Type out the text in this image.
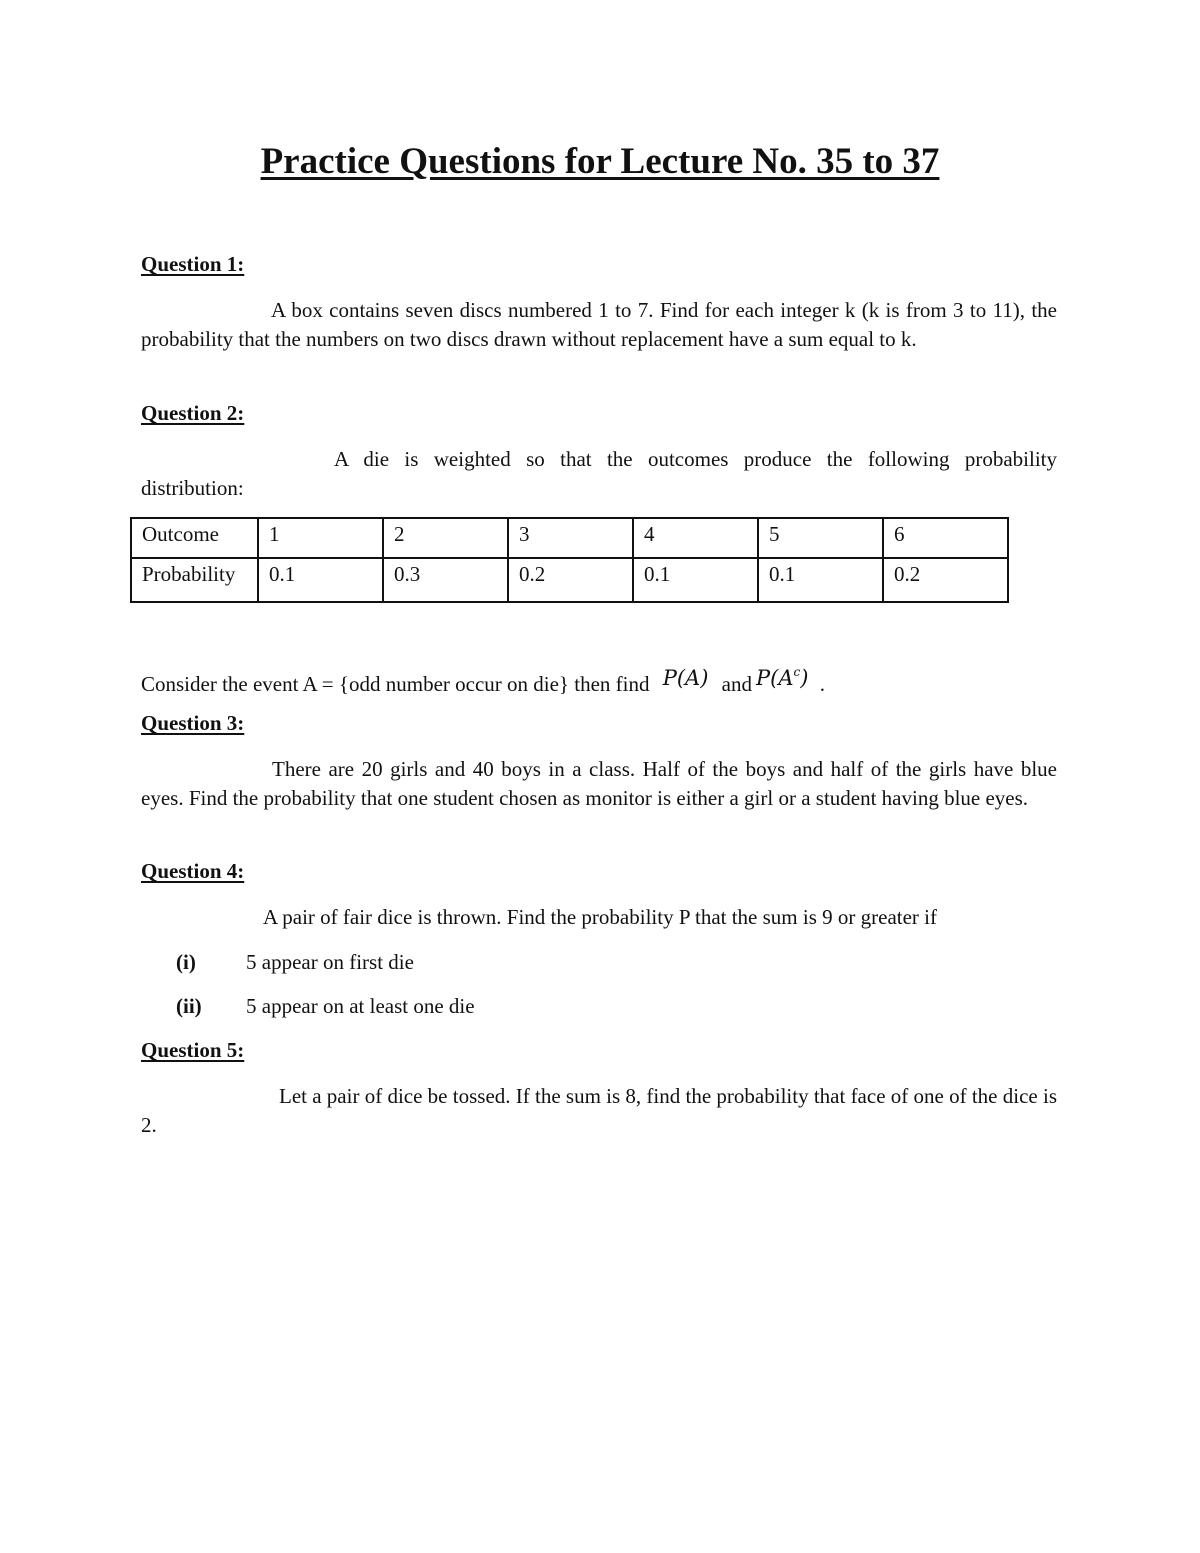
Practice Questions for Lecture No. 35 to 37
Question 1:
A box contains seven discs numbered 1 to 7. Find for each integer k (k is from 3 to 11), the probability that the numbers on two discs drawn without replacement have a sum equal to k.
Question 2:
A die is weighted so that the outcomes produce the following probability distribution:
Outcome	1	2	3	4	5	6
Probability	0.1	0.3	0.2	0.1	0.1	0.2
Consider the event A = {odd number occur on die} then find P(A) and $P(A^c)$ .
Question 3:
There are 20 girls and 40 boys in a class. Half of the boys and half of the girls have blue eyes. Find the probability that one student chosen as monitor is either a girl or a student having blue eyes.
Question 4:
A pair of fair dice is thrown. Find the probability P that the sum is 9 or greater if
(i) 5 appear on first die
(ii) 5 appear on at least one die
Question 5:
Let a pair of dice be tossed. If the sum is 8, find the probability that face of one of the dice is 2.
